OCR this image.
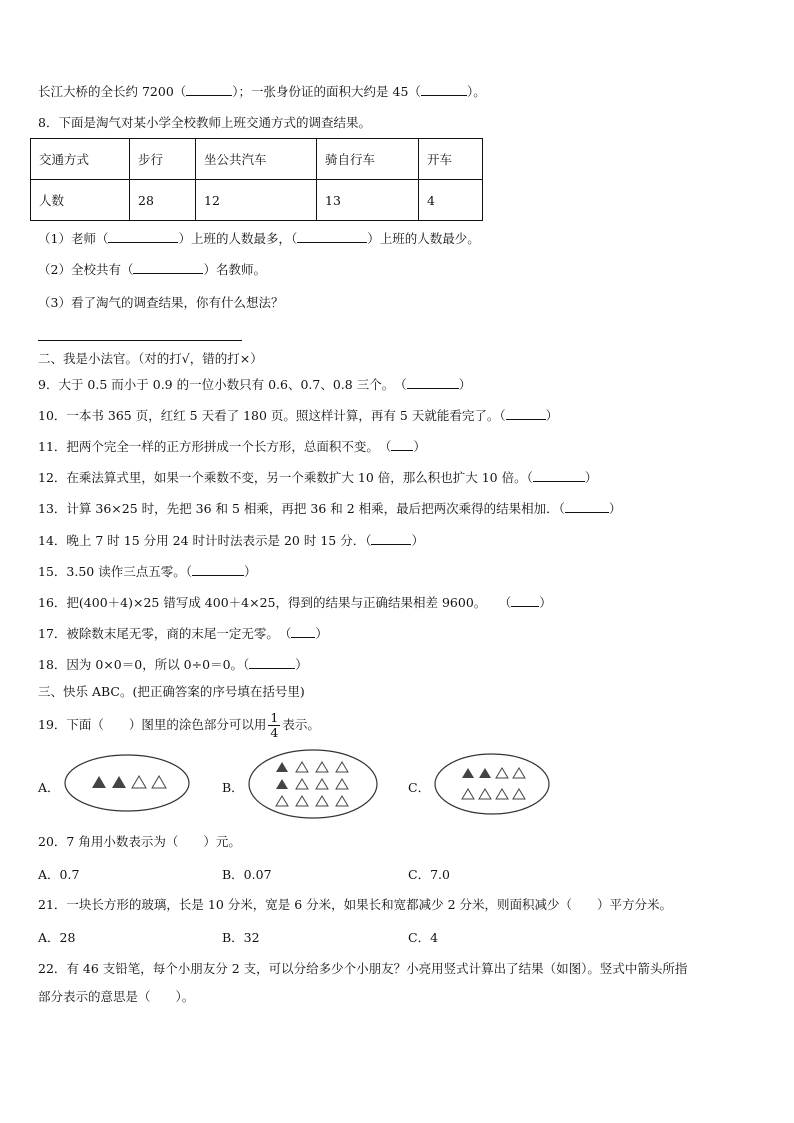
长江大桥的全长约 7200（	）；一张身份证的面积大约是 45（	）。
8．下面是淘气对某小学全校教师上班交通方式的调查结果。
交通方式	步行	坐公共汽车	骑自行车	开车
人数	28	12	13	4
（1）老师（	）上班的人数最多，（	）上班的人数最少。
（2）全校共有（	）名教师。
（3）看了淘气的调查结果，你有什么想法？
二、我是小法官。（对的打√，错的打×）
9．大于 0.5 而小于 0.9 的一位小数只有 0.6、0.7、0.8 三个。　（	）
10．一本书 365 页，红红 5 天看了 180 页。照这样计算，再有 5 天就能看完了。（	）
11．把两个完全一样的正方形拼成一个长方形，总面积不变。　（ ）
12．在乘法算式里，如果一个乘数不变，另一个乘数扩大 10 倍，那么积也扩大 10 倍。（	）
13．计算 36×25 时，先把 36 和 5 相乘，再把 36 和 2 相乘，最后把两次乘得的结果相加．（	）
14．晚上 7 时 15 分用 24 时计时法表示是 20 时 15 分．（	）
15．3.50 读作三点五零。（	）
16．把(400＋4)×25 错写成 400＋4×25，得到的结果与正确结果相差 9600。　　（ ）
17．被除数末尾无零，商的末尾一定无零。　（ ）
18．因为 0×0＝0，所以 0÷0＝0。（	）
三、快乐 ABC。(把正确答案的序号填在括号里)
19．下面（　　）图里的涂色部分可以用 $\frac{1}{4}$ 表示。
A．	B．	C．
20．7 角用小数表示为（　　）元。
A．0.7	B．0.07	C．7.0
21．一块长方形的玻璃，长是 10 分米，宽是 6 分米，如果长和宽都减少 2 分米，则面积减少（　　）平方分米。
A．28	B．32	C．4
22．有 46 支铅笔，每个小朋友分 2 支，可以分给多少个小朋友？小亮用竖式计算出了结果（如图）。竖式中箭头所指
部分表示的意思是（　　）。
